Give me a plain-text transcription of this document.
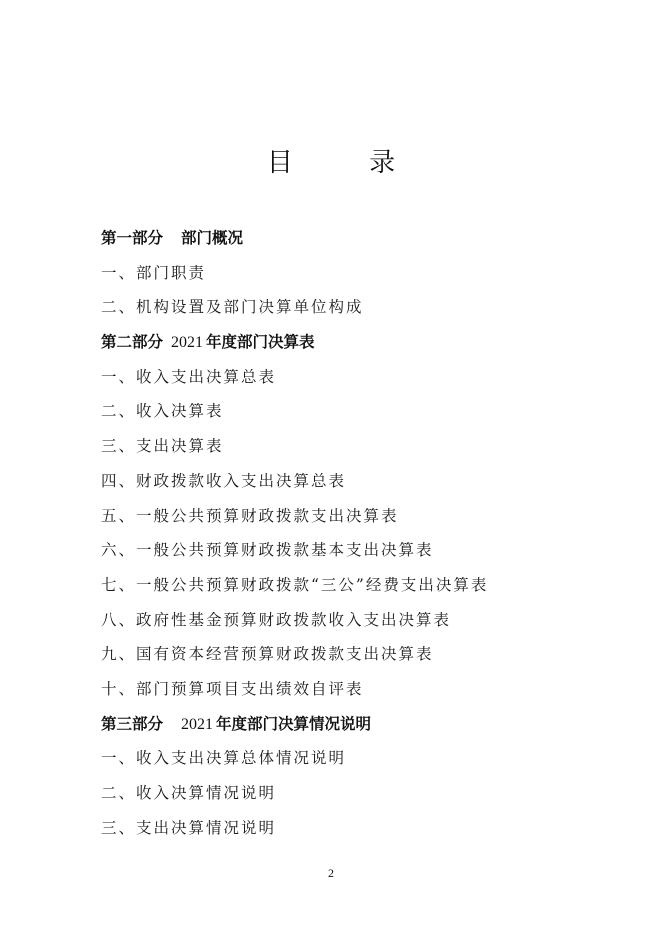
目 录
第一部分 部门概况
一、部门职责
二、机构设置及部门决算单位构成
第二部分 2021 年度部门决算表
一、收入支出决算总表
二、收入决算表
三、支出决算表
四、财政拨款收入支出决算总表
五、一般公共预算财政拨款支出决算表
六、一般公共预算财政拨款基本支出决算表
七、一般公共预算财政拨款“三公”经费支出决算表
八、政府性基金预算财政拨款收入支出决算表
九、国有资本经营预算财政拨款支出决算表
十、部门预算项目支出绩效自评表
第三部分 2021 年度部门决算情况说明
一、收入支出决算总体情况说明
二、收入决算情况说明
三、支出决算情况说明
2
